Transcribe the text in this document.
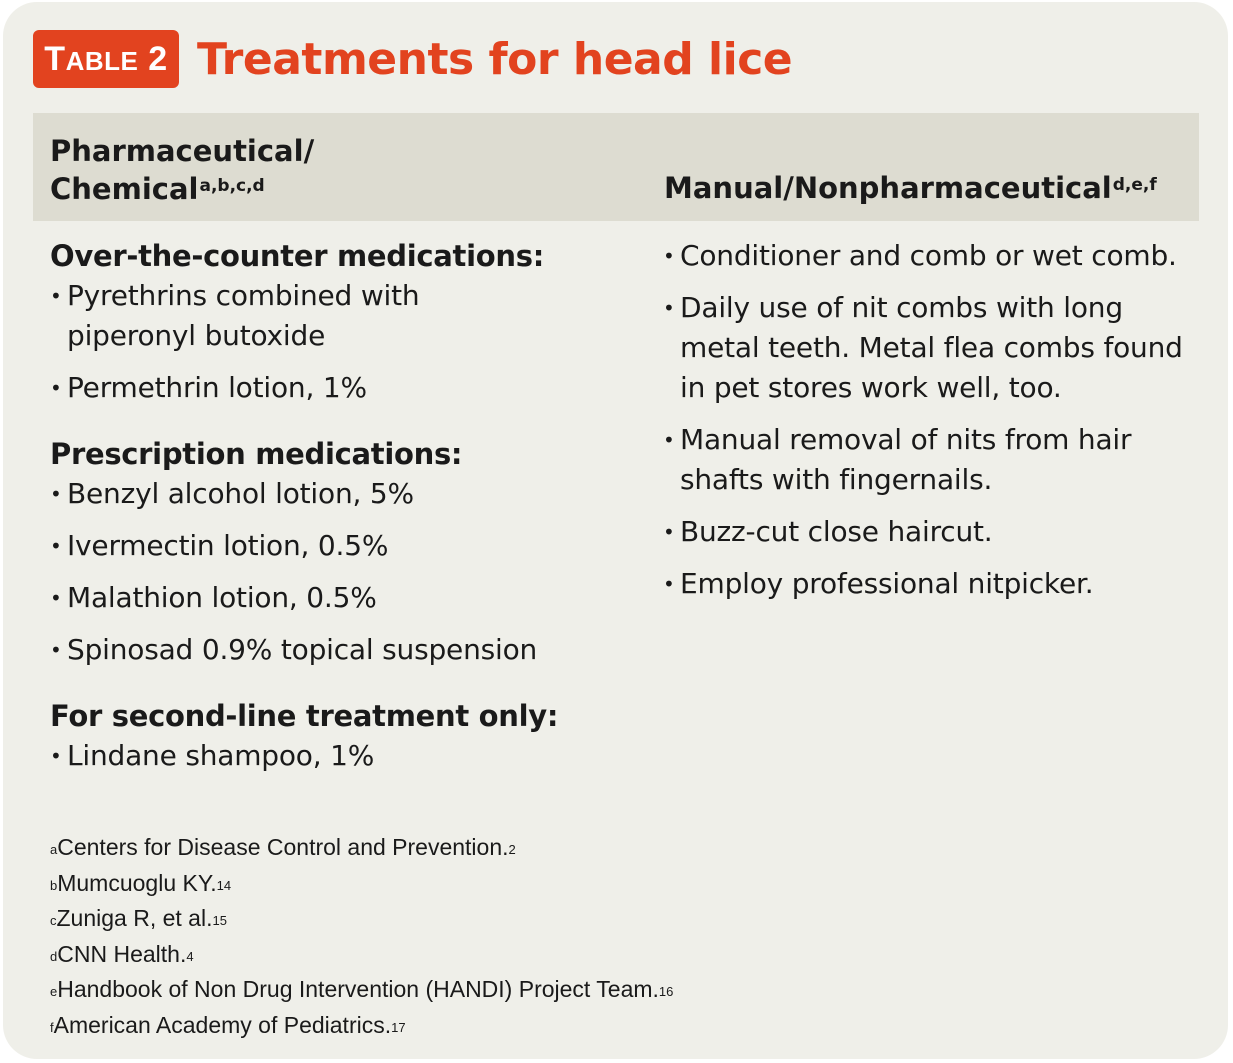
TABLE
2 Treatments for head lice
Pharmaceutical/
Chemical$^{a,b,c,d}$	Manual/Nonpharmaceutical$^{d,e,f}$
Over-the-counter medications:
• Pyrethrins combined with
piperonyl butoxide
• Permethrin lotion, 1%
Prescription medications:
• Benzyl alcohol lotion, 5%
• Ivermectin lotion, 0.5%
• Malathion lotion, 0.5%
• Spinosad 0.9% topical suspension
For second-line treatment only:
• Lindane shampoo, 1%
• Conditioner and comb or wet comb.
• Daily use of nit combs with long metal teeth. Metal flea combs found in pet stores work well, too.
• Manual removal of nits from hair shafts with fingernails.
• Buzz-cut close haircut.
• Employ professional nitpicker.
$^a$Centers for Disease Control and Prevention.$^2$
$^b$Mumcuoglu KY.$^{14}$
$^c$Zuniga R, et al.$^{15}$
$^d$CNN Health.$^4$
$^e$Handbook of Non Drug Intervention (HANDI) Project Team.$^{16}$
$^f$American Academy of Pediatrics.$^{17}$
